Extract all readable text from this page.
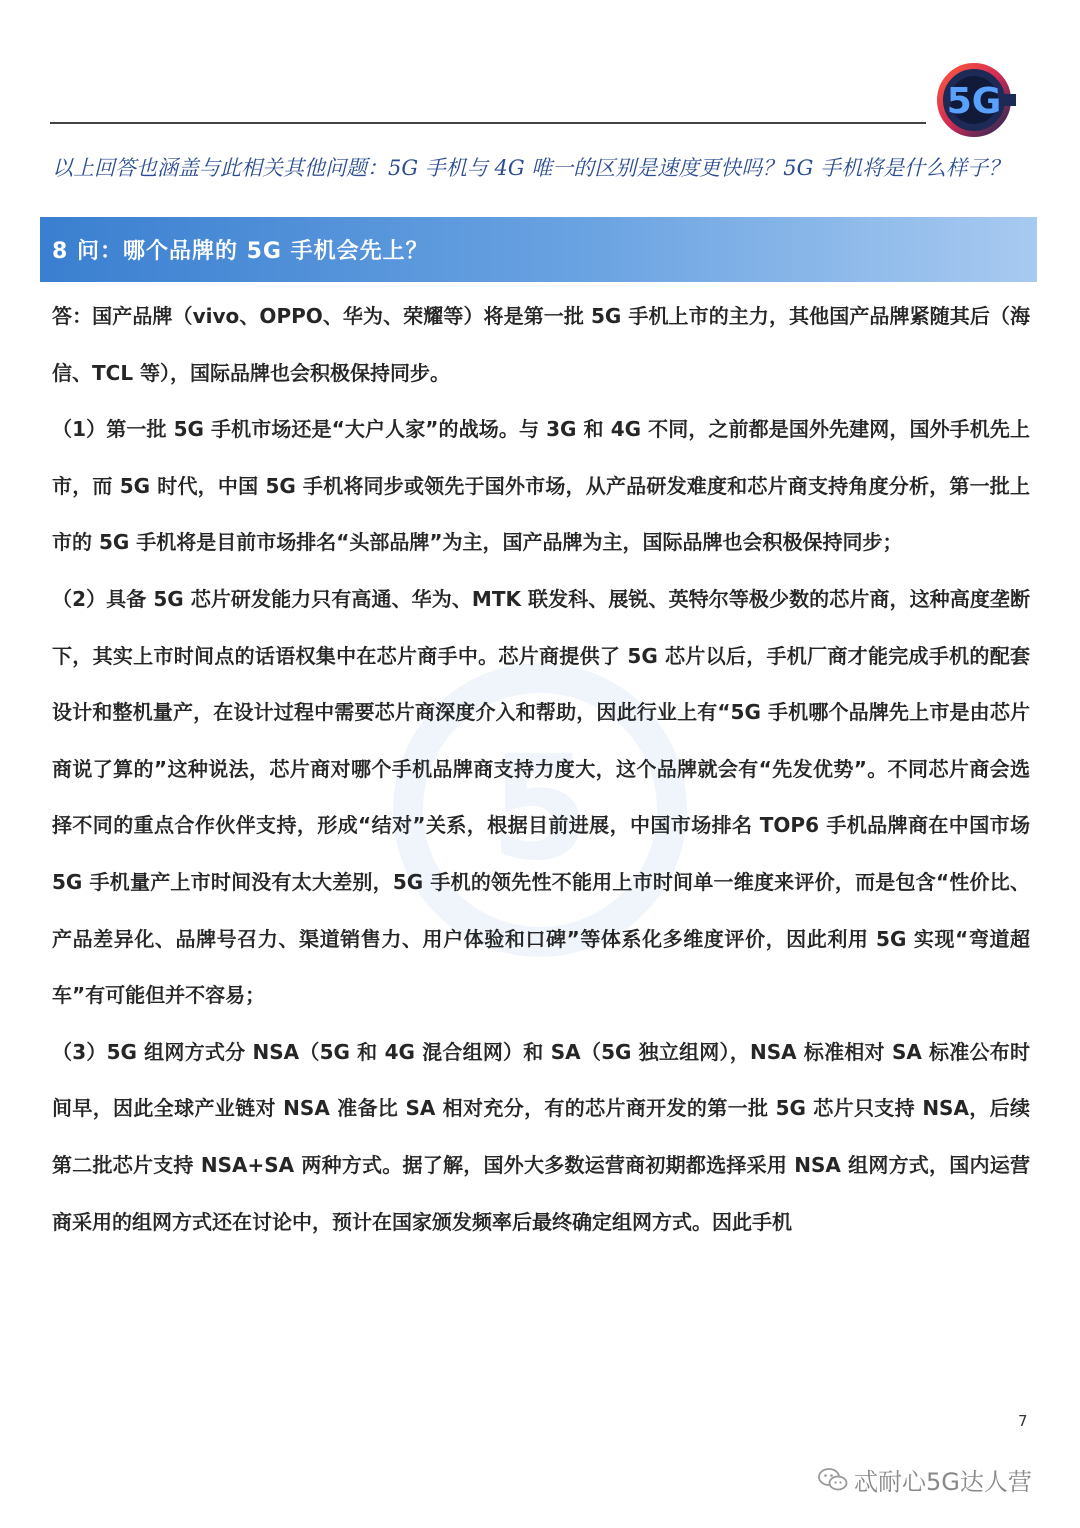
5G
以上回答也涵盖与此相关其他问题：5G 手机与 4G 唯一的区别是速度更快吗？5G 手机将是什么样子？
8 问：哪个品牌的 5G 手机会先上？
5

答：国产品牌（vivo、OPPO、华为、荣耀等）将是第一批 5G 手机上市的主力，其他国产品牌紧随其后（海信、TCL 等），国际品牌也会积极保持同步。

（1）第一批 5G 手机市场还是“大户人家”的战场。与 3G 和 4G 不同，之前都是国外先建网，国外手机先上市，而 5G 时代，中国 5G 手机将同步或领先于国外市场，从产品研发难度和芯片商支持角度分析，第一批上市的 5G 手机将是目前市场排名“头部品牌”为主，国产品牌为主，国际品牌也会积极保持同步；

（2）具备 5G 芯片研发能力只有高通、华为、MTK 联发科、展锐、英特尔等极少数的芯片商，这种高度垄断下，其实上市时间点的话语权集中在芯片商手中。芯片商提供了 5G 芯片以后，手机厂商才能完成手机的配套设计和整机量产，在设计过程中需要芯片商深度介入和帮助，因此行业上有“5G 手机哪个品牌先上市是由芯片商说了算的”这种说法，芯片商对哪个手机品牌商支持力度大，这个品牌就会有“先发优势”。不同芯片商会选择不同的重点合作伙伴支持，形成“结对”关系，根据目前进展，中国市场排名 TOP6 手机品牌商在中国市场 5G 手机量产上市时间没有太大差别，5G 手机的领先性不能用上市时间单一维度来评价，而是包含“性价比、产品差异化、品牌号召力、渠道销售力、用户体验和口碑”等体系化多维度评价，因此利用 5G 实现“弯道超车”有可能但并不容易；

（3）5G 组网方式分 NSA（5G 和 4G 混合组网）和 SA（5G 独立组网），NSA 标准相对 SA 标准公布时间早，因此全球产业链对 NSA 准备比 SA 相对充分，有的芯片商开发的第一批 5G 芯片只支持 NSA，后续第二批芯片支持 NSA+SA 两种方式。据了解，国外大多数运营商初期都选择采用 NSA 组网方式，国内运营商采用的组网方式还在讨论中，预计在国家颁发频率后最终确定组网方式。因此手机

7
忒耐心5G达人营
